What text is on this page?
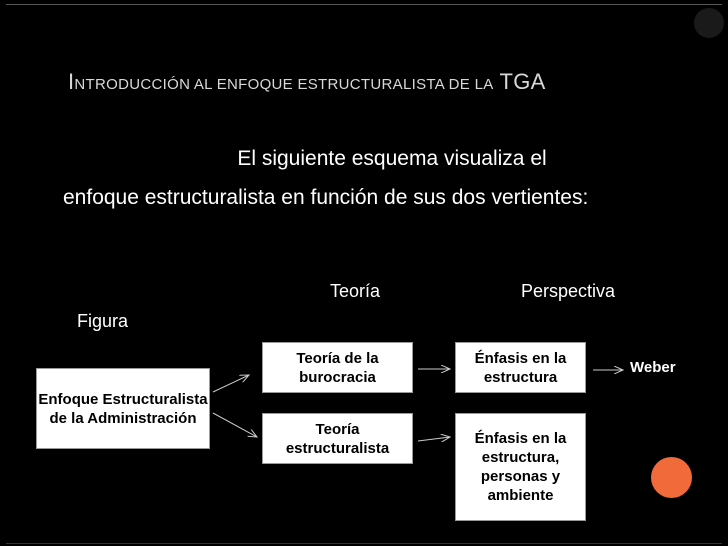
INTRODUCCIÓN AL ENFOQUE ESTRUCTURALISTA DE LA TGA
El siguiente esquema visualiza el
enfoque estructuralista en función de sus dos vertientes:
Teoría	Perspectiva
Figura
Enfoque Estructuralista de la Administración
Teoría de la burocracia
Teoría estructuralista
Énfasis en la estructura
Énfasis en la estructura, personas y ambiente
Weber
